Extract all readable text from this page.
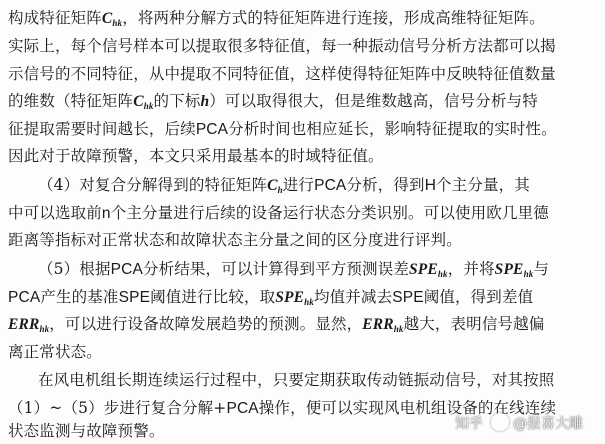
构成特征矩阵$C_{hk}$，将两种分解方式的特征矩阵进行连接，形成高维特征矩阵。
实际上，每个信号样本可以提取很多特征值，每一种振动信号分析方法都可以揭
示信号的不同特征，从中提取不同特征值，这样使得特征矩阵中反映特征值数量
的维数（特征矩阵$C_{hk}$的下标h）可以取得很大，但是维数越高，信号分析与特
征提取需要时间越长，后续PCA分析时间也相应延长，影响特征提取的实时性。
因此对于故障预警，本文只采用最基本的时域特征值。
（4）对复合分解得到的特征矩阵$C_h$进行PCA分析，得到H个主分量，其
中可以选取前n个主分量进行后续的设备运行状态分类识别。可以使用欧几里德
距离等指标对正常状态和故障状态主分量之间的区分度进行评判。
（5）根据PCA分析结果，可以计算得到平方预测误差$SPE_{hk}$，并将$SPE_{hk}$与
PCA产生的基准SPE阈值进行比较，取$SPE_{hk}$均值并减去SPE阈值，得到差值
$ERR_{hk}$，可以进行设备故障发展趋势的预测。显然，$ERR_{hk}$越大，表明信号越偏
离正常状态。
在风电机组长期连续运行过程中，只要定期获取传动链振动信号，对其按照
（1）~（5）步进行复合分解+PCA操作，便可以实现风电机组设备的在线连续
状态监测与故障预警。	知乎 @报喜大雕
